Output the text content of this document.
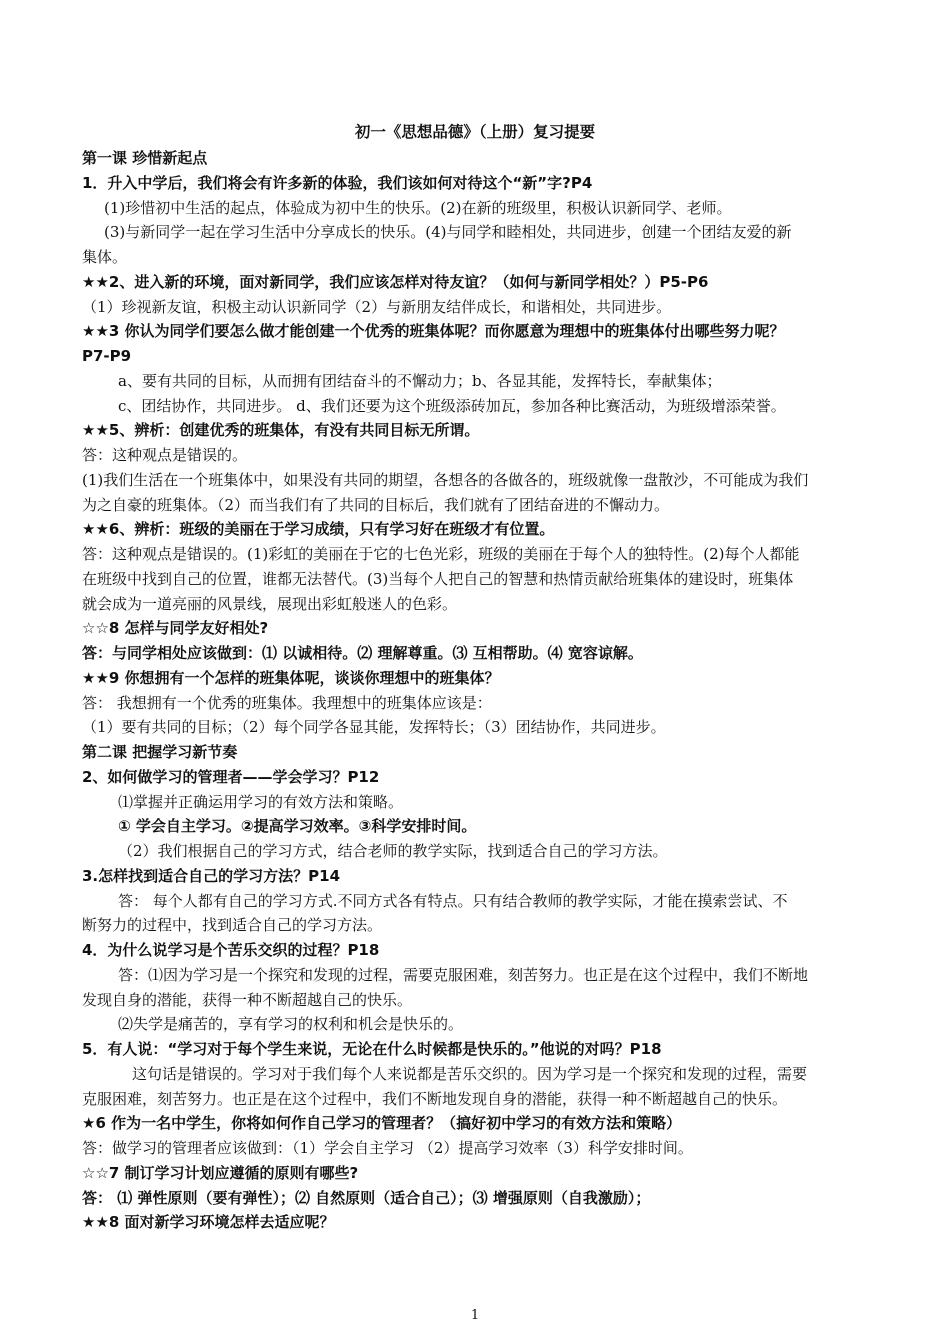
初一《思想品德》（上册）复习提要
第一课 珍惜新起点
1．升入中学后，我们将会有许多新的体验，我们该如何对待这个“新”字?P4
(1)珍惜初中生活的起点，体验成为初中生的快乐。(2)在新的班级里，积极认识新同学、老师。
(3)与新同学一起在学习生活中分享成长的快乐。(4)与同学和睦相处，共同进步，创建一个团结友爱的新
集体。
★★2、进入新的环境，面对新同学，我们应该怎样对待友谊？（如何与新同学相处？）P5-P6
（1）珍视新友谊，积极主动认识新同学（2）与新朋友结伴成长，和谐相处，共同进步。
★★3 你认为同学们要怎么做才能创建一个优秀的班集体呢？而你愿意为理想中的班集体付出哪些努力呢？
P7-P9
a、要有共同的目标，从而拥有团结奋斗的不懈动力；b、各显其能，发挥特长，奉献集体；
c、团结协作，共同进步。 d、我们还要为这个班级添砖加瓦，参加各种比赛活动，为班级增添荣誉。
★★5、辨析：创建优秀的班集体，有没有共同目标无所谓。
答：这种观点是错误的。
(1)我们生活在一个班集体中，如果没有共同的期望，各想各的各做各的，班级就像一盘散沙，不可能成为我们
为之自豪的班集体。（2）而当我们有了共同的目标后，我们就有了团结奋进的不懈动力。
★★6、辨析：班级的美丽在于学习成绩，只有学习好在班级才有位置。
答：这种观点是错误的。(1)彩虹的美丽在于它的七色光彩，班级的美丽在于每个人的独特性。(2)每个人都能
在班级中找到自己的位置，谁都无法替代。(3)当每个人把自己的智慧和热情贡献给班集体的建设时，班集体
就会成为一道亮丽的风景线，展现出彩虹般迷人的色彩。
☆☆8 怎样与同学友好相处?
答：与同学相处应该做到：⑴ 以诚相待。⑵ 理解尊重。⑶ 互相帮助。⑷ 宽容谅解。
★★9 你想拥有一个怎样的班集体呢，谈谈你理想中的班集体？
答： 我想拥有一个优秀的班集体。我理想中的班集体应该是：
（1）要有共同的目标；（2）每个同学各显其能，发挥特长；（3）团结协作，共同进步。
第二课 把握学习新节奏
2、如何做学习的管理者——学会学习？P12
⑴掌握并正确运用学习的有效方法和策略。
① 学会自主学习。②提高学习效率。③科学安排时间。
（2）我们根据自己的学习方式，结合老师的教学实际，找到适合自己的学习方法。
3.怎样找到适合自己的学习方法？P14
答： 每个人都有自己的学习方式.不同方式各有特点。只有结合教师的教学实际，才能在摸索尝试、不
断努力的过程中，找到适合自己的学习方法。
4．为什么说学习是个苦乐交织的过程？P18
答：⑴因为学习是一个探究和发现的过程，需要克服困难，刻苦努力。也正是在这个过程中，我们不断地
发现自身的潜能，获得一种不断超越自己的快乐。
⑵失学是痛苦的，享有学习的权利和机会是快乐的。
5．有人说：“学习对于每个学生来说，无论在什么时候都是快乐的。”他说的对吗？P18
这句话是错误的。学习对于我们每个人来说都是苦乐交织的。因为学习是一个探究和发现的过程，需要
克服困难，刻苦努力。也正是在这个过程中，我们不断地发现自身的潜能，获得一种不断超越自己的快乐。
★6 作为一名中学生，你将如何作自己学习的管理者？（搞好初中学习的有效方法和策略）
答：做学习的管理者应该做到：（1）学会自主学习 （2）提高学习效率（3）科学安排时间。
☆☆7 制订学习计划应遵循的原则有哪些?
答： ⑴ 弹性原则（要有弹性）；⑵ 自然原则（适合自己）；⑶ 增强原则（自我激励）；
★★8 面对新学习环境怎样去适应呢？
1
